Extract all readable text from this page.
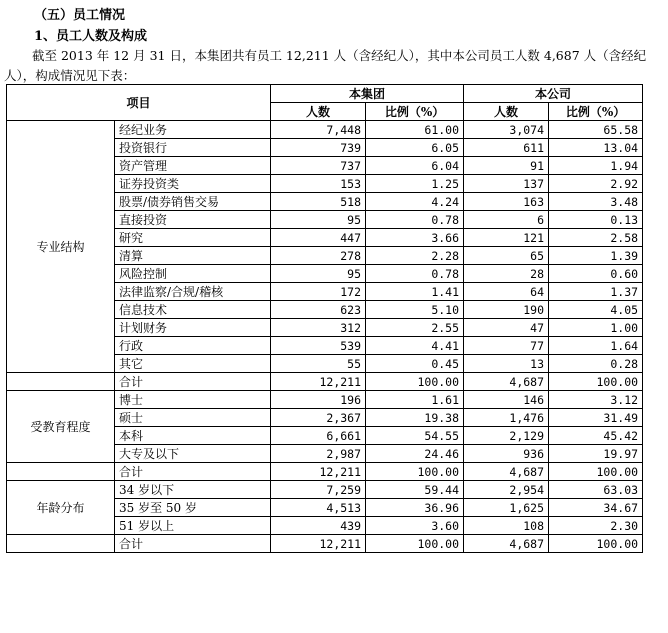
（五）员工情况
1、员工人数及构成
截至 2013 年 12 月 31 日，本集团共有员工 12,211 人（含经纪人），其中本公司员工人数 4,687 人（含经纪人），构成情况见下表：
项目		本集团		本公司	
		人数	比例（%）	人数	比例（%）
专业结构	经纪业务	7,448	61.00	3,074	65.58
	投资银行	739	6.05	611	13.04
	资产管理	737	6.04	91	1.94
	证券投资类	153	1.25	137	2.92
	股票/债券销售交易	518	4.24	163	3.48
	直接投资	95	0.78	6	0.13
	研究	447	3.66	121	2.58
	清算	278	2.28	65	1.39
	风险控制	95	0.78	28	0.60
	法律监察/合规/稽核	172	1.41	64	1.37
	信息技术	623	5.10	190	4.05
	计划财务	312	2.55	47	1.00
	行政	539	4.41	77	1.64
	其它	55	0.45	13	0.28
	合计	12,211	100.00	4,687	100.00
受教育程度	博士	196	1.61	146	3.12
	硕士	2,367	19.38	1,476	31.49
	本科	6,661	54.55	2,129	45.42
	大专及以下	2,987	24.46	936	19.97
	合计	12,211	100.00	4,687	100.00
年龄分布	34 岁以下	7,259	59.44	2,954	63.03
	35 岁至 50 岁	4,513	36.96	1,625	34.67
	51 岁以上	439	3.60	108	2.30
	合计	12,211	100.00	4,687	100.00
